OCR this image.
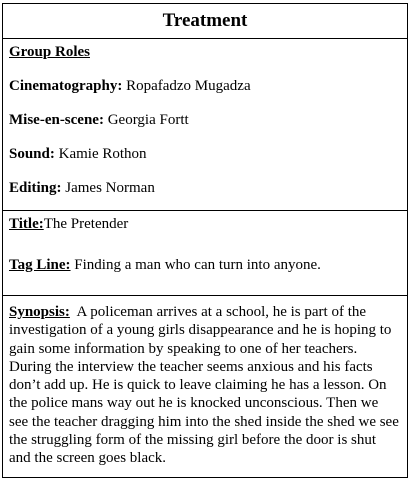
Treatment
Group Roles
Cinematography: Ropafadzo Mugadza
Mise-en-scene: Georgia Fortt
Sound: Kamie Rothon
Editing: James Norman
Title:The Pretender
Tag Line: Finding a man who can turn into anyone.
Synopsis:  A policeman arrives at a school, he is part of the investigation of a young girls disappearance and he is hoping to gain some information by speaking to one of her teachers. During the interview the teacher seems anxious and his facts don’t add up. He is quick to leave claiming he has a lesson. On the police mans way out he is knocked unconscious. Then we see the teacher dragging him into the shed inside the shed we see the struggling form of the missing girl before the door is shut and the screen goes black.
